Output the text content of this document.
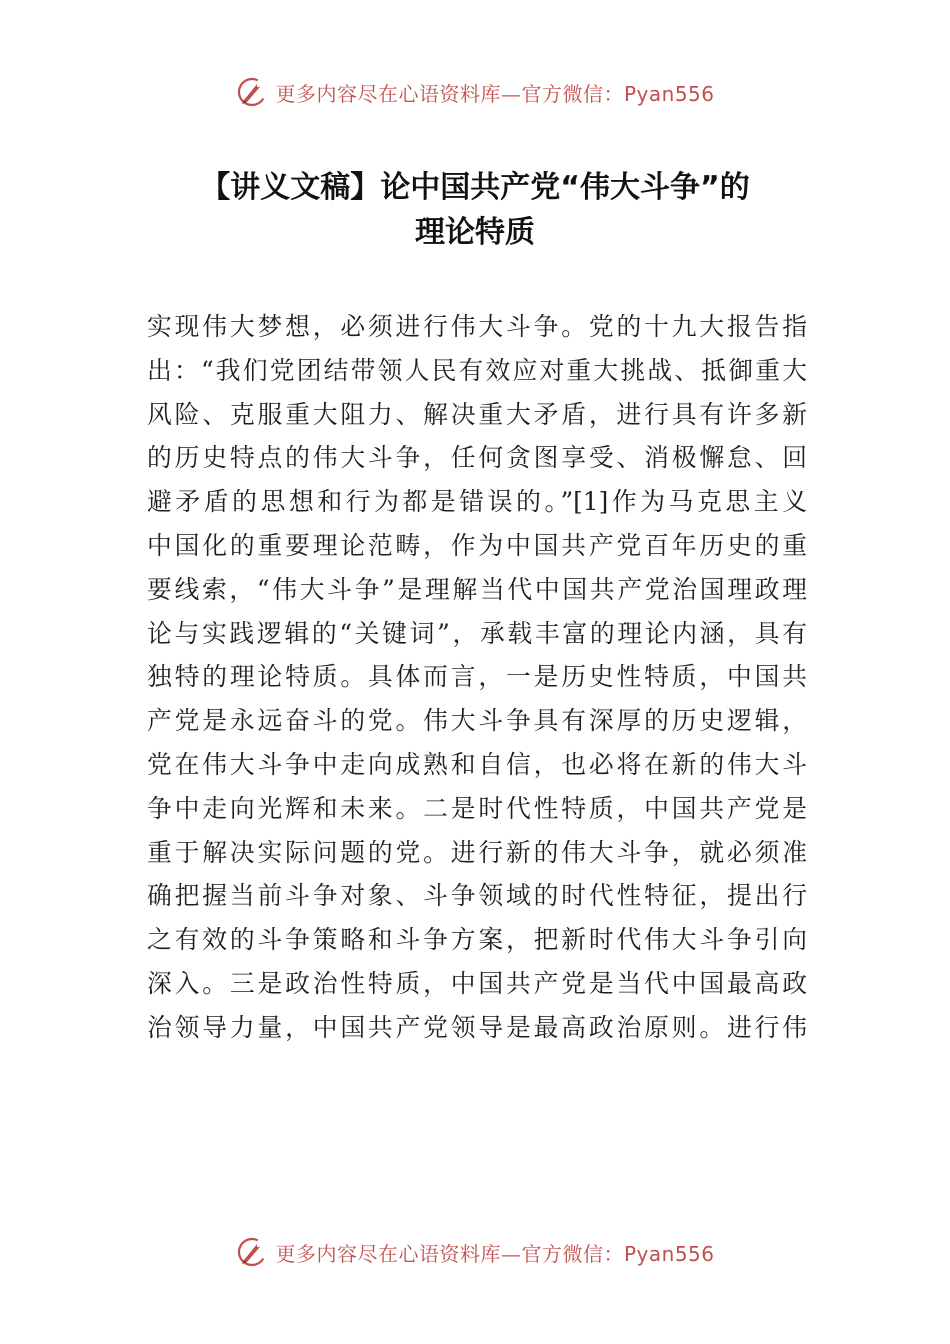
更多内容尽在心语资料库—官方微信：Pyan556
【讲义文稿】论中国共产党“伟大斗争”的
理论特质
实现伟大梦想，必须进行伟大斗争。党的十九大报告指
出：“我们党团结带领人民有效应对重大挑战、抵御重大
风险、克服重大阻力、解决重大矛盾，进行具有许多新
的历史特点的伟大斗争，任何贪图享受、消极懈怠、回
避矛盾的思想和行为都是错误的。”[1]作为马克思主义
中国化的重要理论范畴，作为中国共产党百年历史的重
要线索，“伟大斗争”是理解当代中国共产党治国理政理
论与实践逻辑的“关键词”，承载丰富的理论内涵，具有
独特的理论特质。具体而言，一是历史性特质，中国共
产党是永远奋斗的党。伟大斗争具有深厚的历史逻辑，
党在伟大斗争中走向成熟和自信，也必将在新的伟大斗
争中走向光辉和未来。二是时代性特质，中国共产党是
重于解决实际问题的党。进行新的伟大斗争，就必须准
确把握当前斗争对象、斗争领域的时代性特征，提出行
之有效的斗争策略和斗争方案，把新时代伟大斗争引向
深入。三是政治性特质，中国共产党是当代中国最高政
治领导力量，中国共产党领导是最高政治原则。进行伟
更多内容尽在心语资料库—官方微信：Pyan556
